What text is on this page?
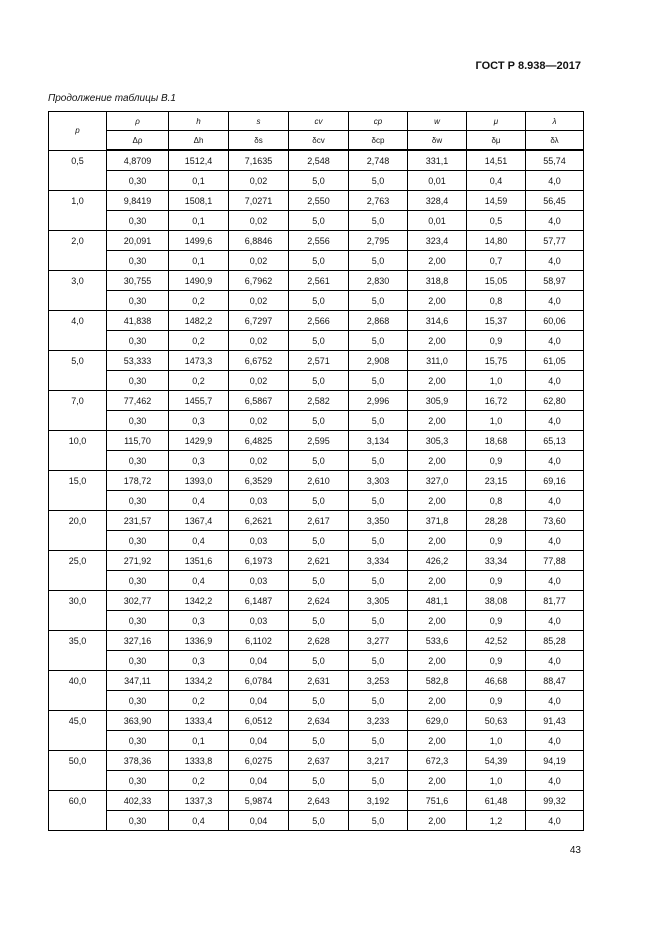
ГОСТ Р 8.938—2017
Продолжение таблицы В.1
p	ρ	h	s	cv	cp	w	μ	λ
	Δρ	Δh	δs	δcv	δcp	δw	δμ	δλ
0,5	4,8709	1512,4	7,1635	2,548	2,748	331,1	14,51	55,74
	0,30	0,1	0,02	5,0	5,0	0,01	0,4	4,0
1,0	9,8419	1508,1	7,0271	2,550	2,763	328,4	14,59	56,45
	0,30	0,1	0,02	5,0	5,0	0,01	0,5	4,0
2,0	20,091	1499,6	6,8846	2,556	2,795	323,4	14,80	57,77
	0,30	0,1	0,02	5,0	5,0	2,00	0,7	4,0
3,0	30,755	1490,9	6,7962	2,561	2,830	318,8	15,05	58,97
	0,30	0,2	0,02	5,0	5,0	2,00	0,8	4,0
4,0	41,838	1482,2	6,7297	2,566	2,868	314,6	15,37	60,06
	0,30	0,2	0,02	5,0	5,0	2,00	0,9	4,0
5,0	53,333	1473,3	6,6752	2,571	2,908	311,0	15,75	61,05
	0,30	0,2	0,02	5,0	5,0	2,00	1,0	4,0
7,0	77,462	1455,7	6,5867	2,582	2,996	305,9	16,72	62,80
	0,30	0,3	0,02	5,0	5,0	2,00	1,0	4,0
10,0	115,70	1429,9	6,4825	2,595	3,134	305,3	18,68	65,13
	0,30	0,3	0,02	5,0	5,0	2,00	0,9	4,0
15,0	178,72	1393,0	6,3529	2,610	3,303	327,0	23,15	69,16
	0,30	0,4	0,03	5,0	5,0	2,00	0,8	4,0
20,0	231,57	1367,4	6,2621	2,617	3,350	371,8	28,28	73,60
	0,30	0,4	0,03	5,0	5,0	2,00	0,9	4,0
25,0	271,92	1351,6	6,1973	2,621	3,334	426,2	33,34	77,88
	0,30	0,4	0,03	5,0	5,0	2,00	0,9	4,0
30,0	302,77	1342,2	6,1487	2,624	3,305	481,1	38,08	81,77
	0,30	0,3	0,03	5,0	5,0	2,00	0,9	4,0
35,0	327,16	1336,9	6,1102	2,628	3,277	533,6	42,52	85,28
	0,30	0,3	0,04	5,0	5,0	2,00	0,9	4,0
40,0	347,11	1334,2	6,0784	2,631	3,253	582,8	46,68	88,47
	0,30	0,2	0,04	5,0	5,0	2,00	0,9	4,0
45,0	363,90	1333,4	6,0512	2,634	3,233	629,0	50,63	91,43
	0,30	0,1	0,04	5,0	5,0	2,00	1,0	4,0
50,0	378,36	1333,8	6,0275	2,637	3,217	672,3	54,39	94,19
	0,30	0,2	0,04	5,0	5,0	2,00	1,0	4,0
60,0	402,33	1337,3	5,9874	2,643	3,192	751,6	61,48	99,32
	0,30	0,4	0,04	5,0	5,0	2,00	1,2	4,0
43
